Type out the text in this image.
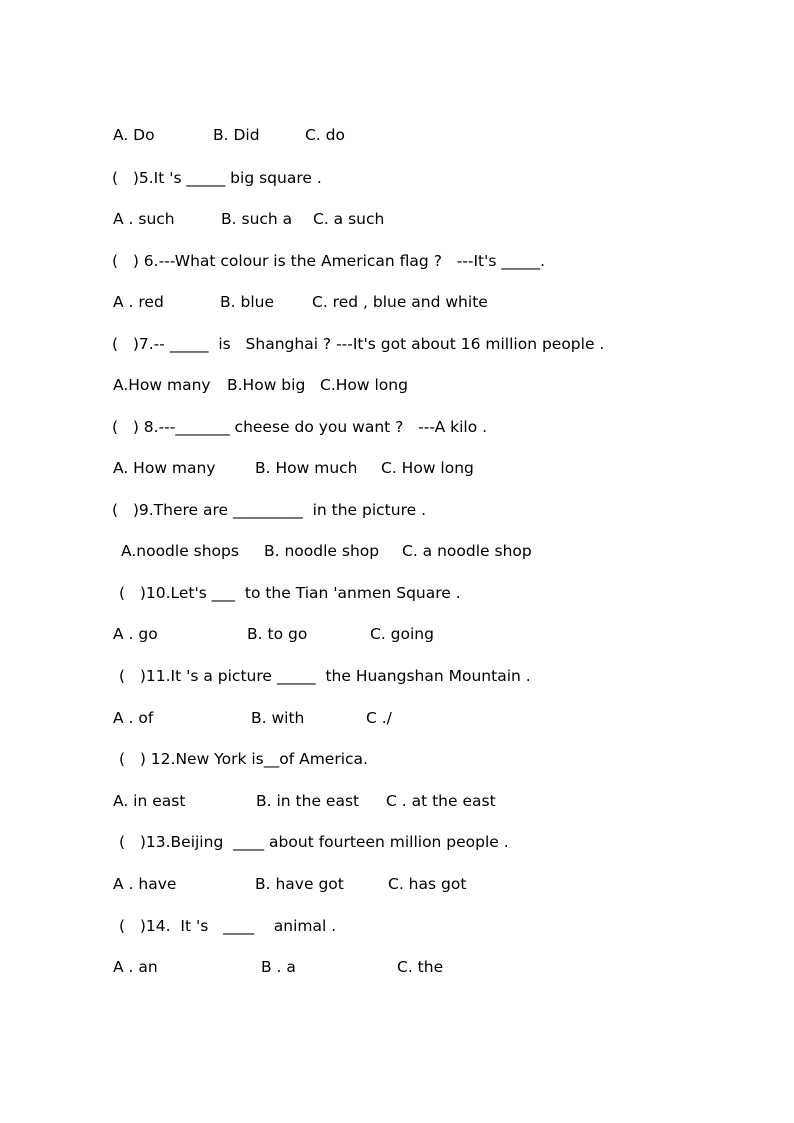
A. Do	B. Did	C. do
(   )5.It 's _____ big square .
A . such	B. such a C. a such
(   ) 6.---What colour is the American flag ?   ---It's _____.
A . red	B. blue C. red , blue and white
(   )7.-- _____  is   Shanghai ? ---It's got about 16 million people .
A.How many B.How big C.How long
(   ) 8.---_______ cheese do you want ?   ---A kilo .
A. How many	B. How much C. How long
(   )9.There are _________  in the picture .
A.noodle shops B. noodle shop C. a noodle shop
(   )10.Let's ___  to the Tian 'anmen Square .
A . go	B. to go	C. going
(   )11.It 's a picture _____  the Huangshan Mountain .
A . of	B. with	C ./
(   ) 12.New York is__of America.
A. in east	B. in the east C . at the east
(   )13.Beijing  ____ about fourteen million people .
A . have	B. have got	C. has got
(   )14.  It 's   ____    animal .
A . an	B . a	C. the
